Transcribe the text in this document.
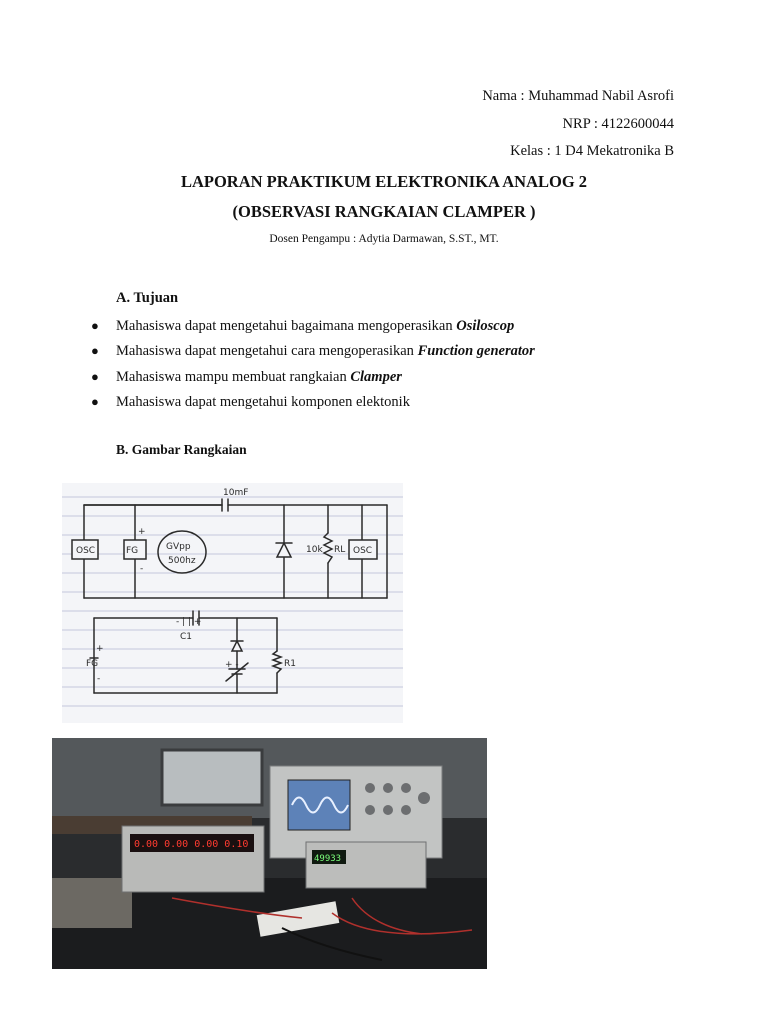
Nama : Muhammad Nabil Asrofi
NRP : 4122600044
Kelas : 1 D4 Mekatronika B
LAPORAN PRAKTIKUM ELEKTRONIKA ANALOG 2
(OBSERVASI RANGKAIAN CLAMPER )
Dosen Pengampu : Adytia Darmawan, S.ST., MT.
A. Tujuan
● Mahasiswa dapat mengetahui bagaimana mengoperasikan Osiloscop
● Mahasiswa dapat mengetahui cara mengoperasikan Function generator
● Mahasiswa mampu membuat rangkaian Clamper
● Mahasiswa dapat mengetahui komponen elektonik
B. Gambar Rangkaian
10mF
OSC	FG
+
-
GVpp
500hz
10k RL OSC
- | | +
C1
+
FG
-
+ -	R1
49933
0.00 0.00 0.00 0.10
